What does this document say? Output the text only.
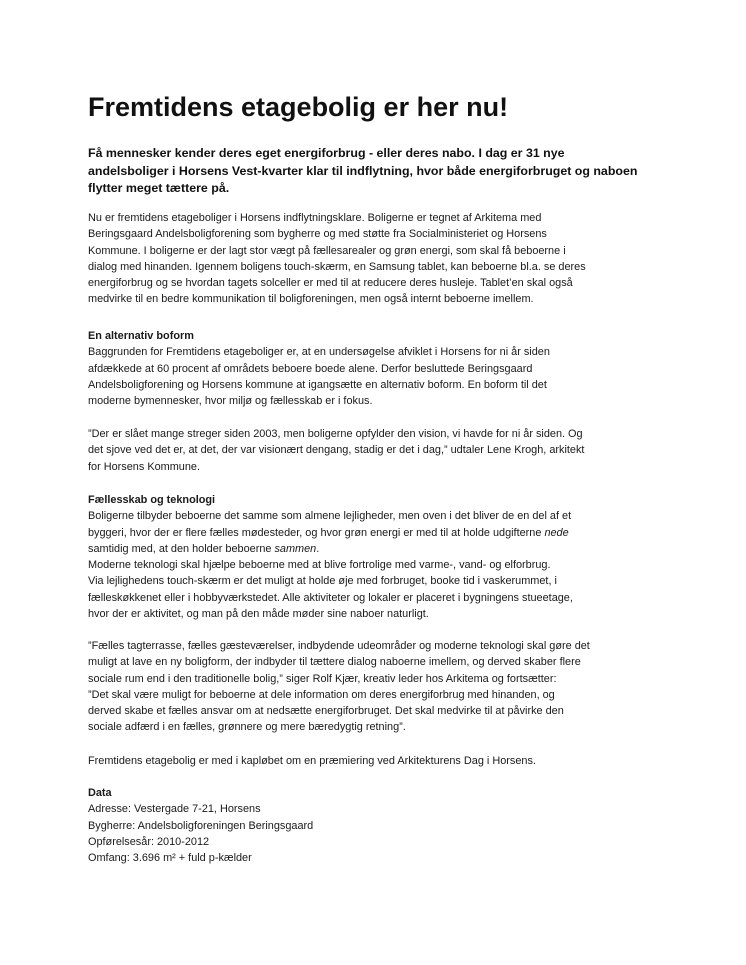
Fremtidens etagebolig er her nu!

Få mennesker kender deres eget energiforbrug - eller deres nabo. I dag er 31 nye
andelsboliger i Horsens Vest-kvarter klar til indflytning, hvor både energiforbruget og naboen
flytter meget tættere på.

Nu er fremtidens etageboliger i Horsens indflytningsklare. Boligerne er tegnet af Arkitema med
Beringsgaard Andelsboligforening som bygherre og med støtte fra Socialministeriet og Horsens
Kommune. I boligerne er der lagt stor vægt på fællesarealer og grøn energi, som skal få beboerne i
dialog med hinanden. Igennem boligens touch-skærm, en Samsung tablet, kan beboerne bl.a. se deres
energiforbrug og se hvordan tagets solceller er med til at reducere deres husleje. Tablet’en skal også
medvirke til en bedre kommunikation til boligforeningen, men også internt beboerne imellem.

En alternativ boform
Baggrunden for Fremtidens etageboliger er, at en undersøgelse afviklet i Horsens for ni år siden
afdækkede at 60 procent af områdets beboere boede alene. Derfor besluttede Beringsgaard
Andelsboligforening og Horsens kommune at igangsætte en alternativ boform. En boform til det
moderne bymennesker, hvor miljø og fællesskab er i fokus.

”Der er slået mange streger siden 2003, men boligerne opfylder den vision, vi havde for ni år siden. Og
det sjove ved det er, at det, der var visionært dengang, stadig er det i dag,” udtaler Lene Krogh, arkitekt
for Horsens Kommune.

Fællesskab og teknologi
Boligerne tilbyder beboerne det samme som almene lejligheder, men oven i det bliver de en del af et
byggeri, hvor der er flere fælles mødesteder, og hvor grøn energi er med til at holde udgifterne nede
samtidig med, at den holder beboerne sammen.
Moderne teknologi skal hjælpe beboerne med at blive fortrolige med varme-, vand- og elforbrug.
Via lejlighedens touch-skærm er det muligt at holde øje med forbruget, booke tid i vaskerummet, i
fælleskøkkenet eller i hobbyværkstedet. Alle aktiviteter og lokaler er placeret i bygningens stueetage,
hvor der er aktivitet, og man på den måde møder sine naboer naturligt.

”Fælles tagterrasse, fælles gæsteværelser, indbydende udeområder og moderne teknologi skal gøre det
muligt at lave en ny boligform, der indbyder til tættere dialog naboerne imellem, og derved skaber flere
sociale rum end i den traditionelle bolig,” siger Rolf Kjær, kreativ leder hos Arkitema og fortsætter:
”Det skal være muligt for beboerne at dele information om deres energiforbrug med hinanden, og
derved skabe et fælles ansvar om at nedsætte energiforbruget. Det skal medvirke til at påvirke den
sociale adfærd i en fælles, grønnere og mere bæredygtig retning”.

Fremtidens etagebolig er med i kapløbet om en præmiering ved Arkitekturens Dag i Horsens.

Data
Adresse: Vestergade 7-21, Horsens
Bygherre: Andelsboligforeningen Beringsgaard
Opførelsesår: 2010-2012
Omfang: 3.696 m² + fuld p-kælder
